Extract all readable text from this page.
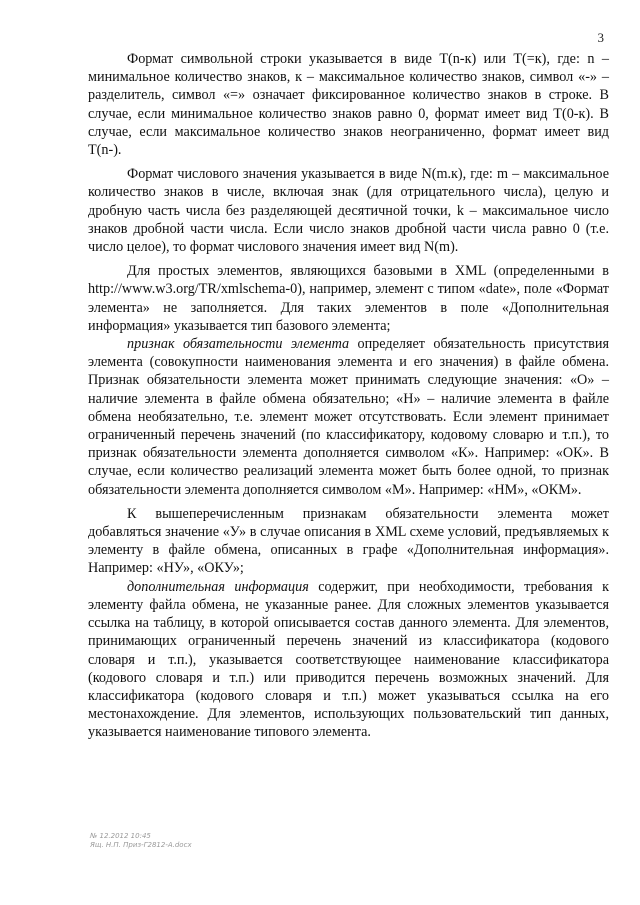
3

Формат символьной строки указывается в виде T(n-к) или T(=к), где: n – минимальное количество знаков, к – максимальное количество знаков, символ «-» – разделитель, символ «=» означает фиксированное количество знаков в строке. В случае, если минимальное количество знаков равно 0, формат имеет вид T(0-к). В случае, если максимальное количество знаков неограниченно, формат имеет вид T(n-).

Формат числового значения указывается в виде N(m.к), где: m – максимальное количество знаков в числе, включая знак (для отрицательного числа), целую и дробную часть числа без разделяющей десятичной точки, k – максимальное число знаков дробной части числа. Если число знаков дробной части числа равно 0 (т.е. число целое), то формат числового значения имеет вид N(m).

Для простых элементов, являющихся базовыми в XML (определенными в http://www.w3.org/TR/xmlschema-0), например, элемент с типом «date», поле «Формат элемента» не заполняется. Для таких элементов в поле «Дополнительная информация» указывается тип базового элемента;

признак обязательности элемента определяет обязательность присутствия элемента (совокупности наименования элемента и его значения) в файле обмена. Признак обязательности элемента может принимать следующие значения: «О» – наличие элемента в файле обмена обязательно; «Н» – наличие элемента в файле обмена необязательно, т.е. элемент может отсутствовать. Если элемент принимает ограниченный перечень значений (по классификатору, кодовому словарю и т.п.), то признак обязательности элемента дополняется символом «К». Например: «ОК». В случае, если количество реализаций элемента может быть более одной, то признак обязательности элемента дополняется символом «М». Например: «НМ», «ОКМ».

К вышеперечисленным признакам обязательности элемента может добавляться значение «У» в случае описания в XML схеме условий, предъявляемых к элементу в файле обмена, описанных в графе «Дополнительная информация». Например: «НУ», «ОКУ»;

дополнительная информация содержит, при необходимости, требования к элементу файла обмена, не указанные ранее. Для сложных элементов указывается ссылка на таблицу, в которой описывается состав данного элемента. Для элементов, принимающих ограниченный перечень значений из классификатора (кодового словаря и т.п.), указывается соответствующее наименование классификатора (кодового словаря и т.п.) или приводится перечень возможных значений. Для классификатора (кодового словаря и т.п.) может указываться ссылка на его местонахождение. Для элементов, использующих пользовательский тип данных, указывается наименование типового элемента.

№ 12.2012 10:45
Ящ. Н.П. Приз-Г2812-А.docx
